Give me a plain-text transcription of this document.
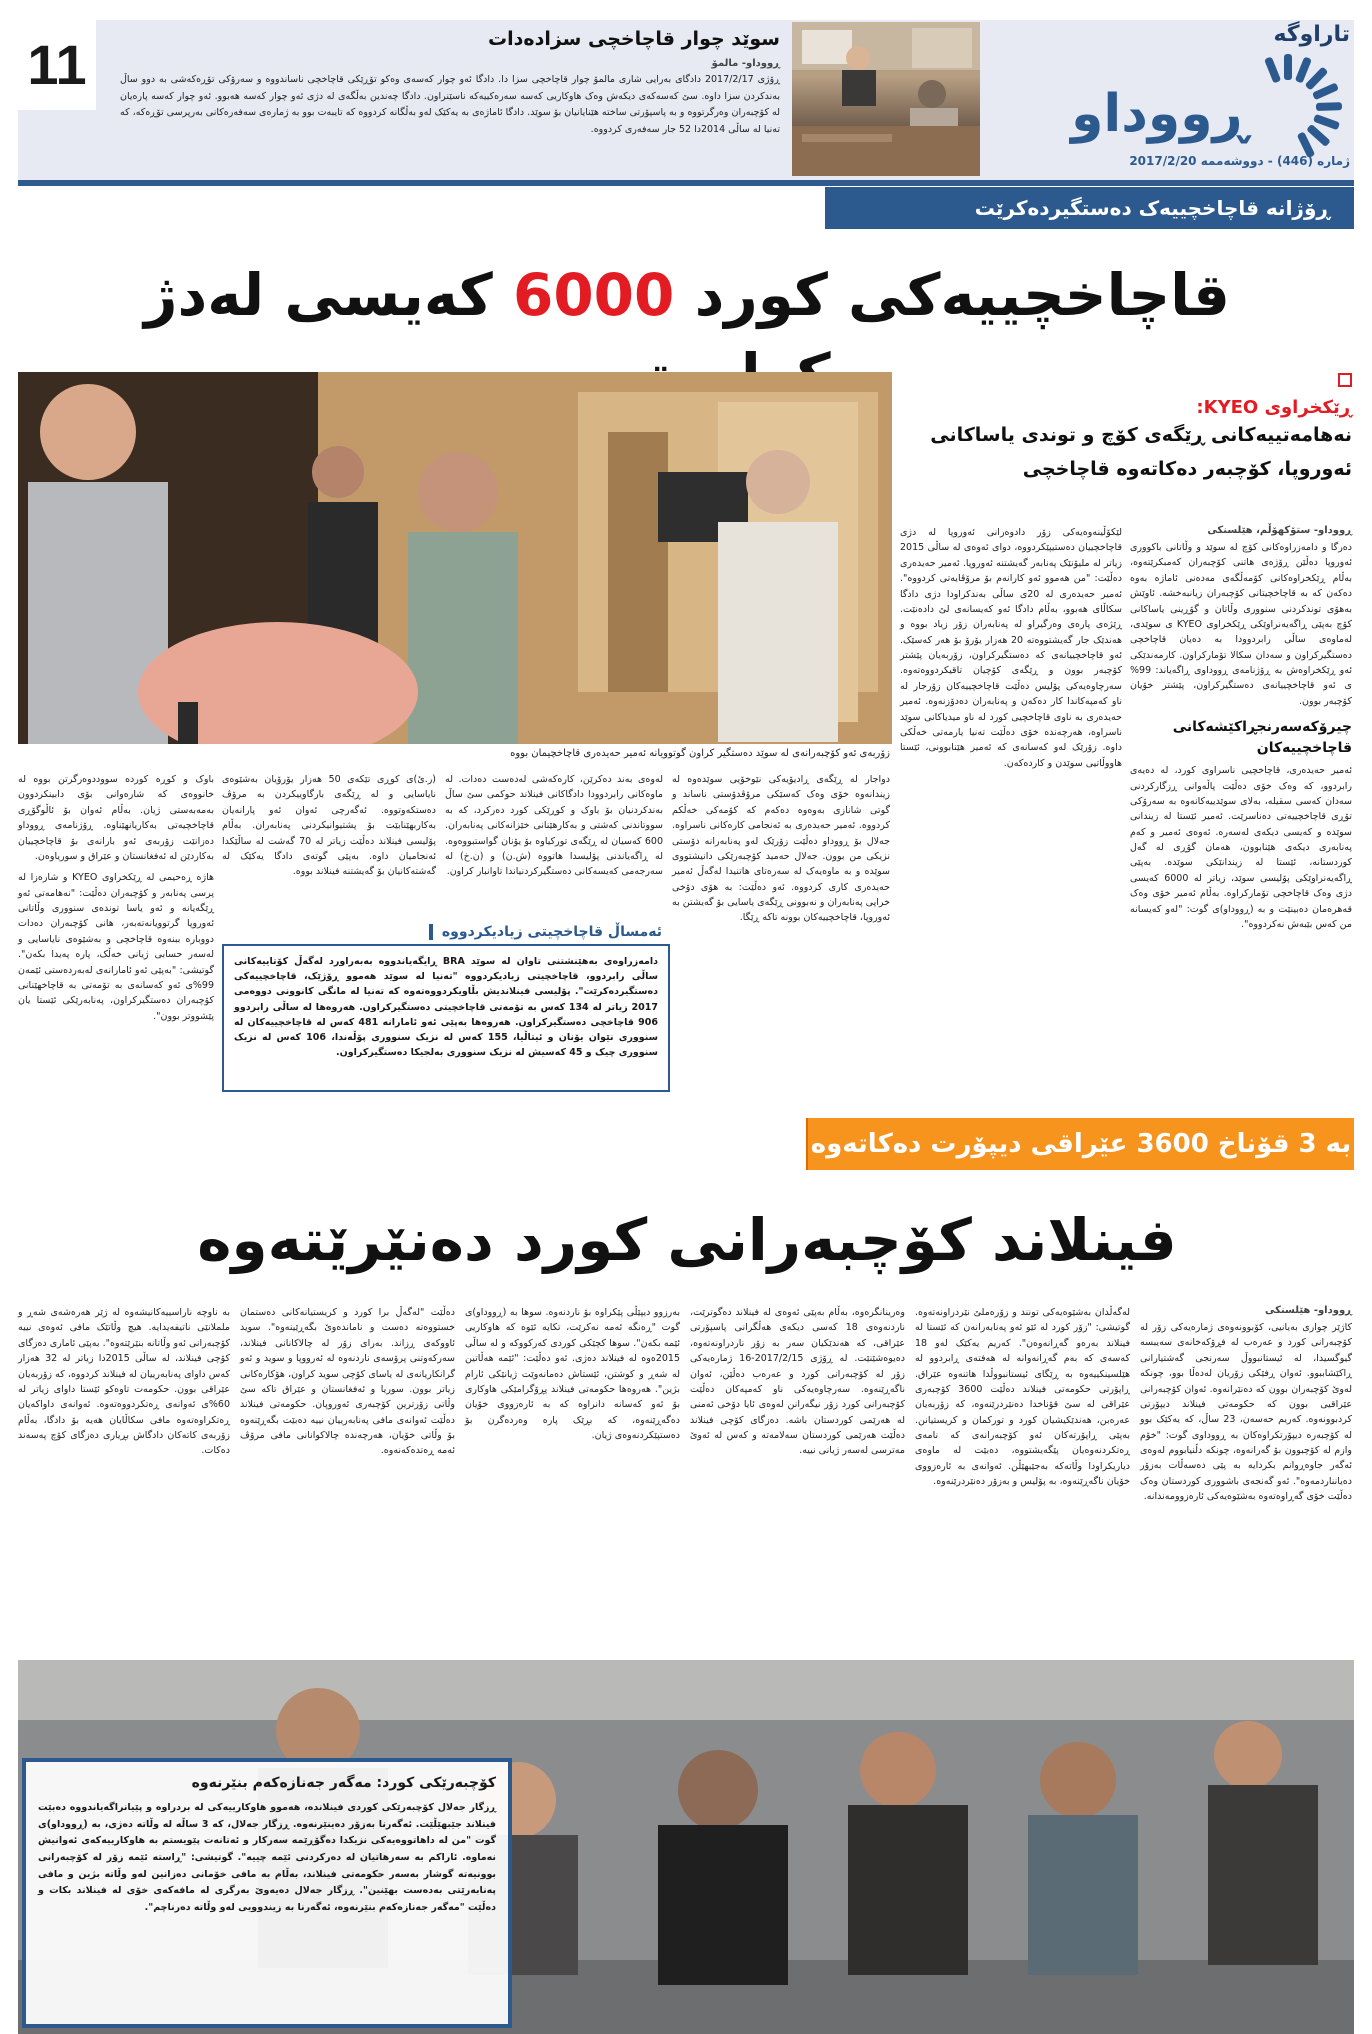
11	سوێد چوار قاچاخچی سزادەدات
ڕووداو- مالمۆ
ڕۆژی 2017/2/17 دادگای بەرایی شاری مالمۆ چوار قاچاخچی سزا دا. دادگا ئەو چوار کەسەی وەکو تۆڕێکی قاچاخچی ناساندووە و سەرۆکی تۆڕەکەشی بە دوو ساڵ بەندکردن سزا داوە. سێ کەسەکەی دیکەش وەک هاوکاریی کەسە سەرەکییەکە ناسێنراون. دادگا چەندین بەڵگەی لە دژی ئەو چوار کەسە هەبوو. ئەو چوار کەسە پارەیان لە کۆچبەران وەرگرتووە و بە پاسپۆرتی ساختە هێنایانیان بۆ سوێد. دادگا ئاماژەی بە یەکێک لەو بەڵگانە کردووە کە تایبەت بوو بە ژمارەی سەفەرەکانی بەرپرسی تۆڕەکە، کە تەنیا لە ساڵی 2014دا 52 جار سەفەری کردووە.
تاراوگە
ڕووداو
ژمارە (446) - دووشەممە 2017/2/20
ڕۆژانە قاچاخچییەک دەستگیردەکرێت
قاچاخچییەکی کورد 6000 کەیسی لەدژ
زۆربەی ئەو کۆچبەرانەی لە سوێد دەستگیر کراون گوتوویانە ئەمیر حەیدەری قاچاخچیمان بووە
ڕێکخراوی KYEO:
نەهامەتییەکانی ڕێگەی کۆچ و توندی یاساکانی
ئەوروپا، کۆچبەر دەکاتەوە قاچاخچی
ڕووداو- ستۆکهۆڵم، هێلسنکی
دەرگا و دامەزراوەکانی کۆچ لە سوێد و وڵاتانی باکووری ئەوروپا دەڵێن ڕۆژەی هاتنی کۆچبەران کەمبکرێتەوە، بەڵام ڕێکخراوەکانی کۆمەڵگەی مەدەنی ئاماژە بەوە دەکەن کە بە قاچاخچیتانی کۆچبەران زیانبەخشە. ئاوێش بەهۆی توندکردنی سنووری وڵاتان و گۆڕینی یاساکانی کۆچ بەپێی ڕاگەیەنراوێکی ڕێکخراوی KYEO ی سوێدی، لەماوەی ساڵی رابردوودا بە دەیان قاچاخچی دەستگیرکراون و سەدان سکالا تۆمارکراون. کارمەندێکی ئەو ڕێکخراوەش بە ڕۆژنامەی ڕووداوی ڕاگەیاند: 99% ی ئەو قاچاخچییانەی دەستگیرکراون، پێشتر خۆیان کۆچبەر بوون.
چیرۆکەسەرنجڕاکێشەکانی قاچاخچییەکان
ئەمیر حەیدەری، قاچاخچیی ناسراوی کورد، لە دەیەی رابردوو، کە وەک خۆی دەڵێت پاڵەوانی ڕزگارکردنی سەدان کەسی سقیلە، بەلای سوێدییەکانەوە بە سەرۆکی تۆڕی قاچاخچییەتی دەناسرێت. ئەمیر ئێستا لە زیندانی سوێدە و کەیسی دیکەی لەسەرە. ئەوەی ئەمیر و کەم پەنابەری دیکەی هێنابوون، هەمان گۆڕی لە گەل کوردستانە، ئێستا لە زیندانێکی سوێدە. بەپێی ڕاگەیەنراوێکی پۆلیسی سوێد، زیاتر لە 6000 کەیسی دژی وەک قاچاخچی تۆمارکراوە. بەڵام ئەمیر خۆی وەک قەهرەمان دەبینێت و بە (ڕووداو)ی گوت: "لەو کەیسانە من کەس بێبەش نەکردووە".
لێکۆڵینەوەیەکی زۆر دادوەرانی ئەوروپا لە دژی قاچاخچییان دەستیپێکردووە، دوای ئەوەی لە ساڵی 2015 زیاتر لە ملیۆنێک پەنابەر گەیشتنە ئەوروپا. ئەمیر حەیدەری دەڵێت: "من هەموو ئەو کارانەم بۆ مرۆڤایەتی کردووە". ئەمیر حەیدەری لە 20ی ساڵی بەندکراودا دژی دادگا سکاڵای هەبوو، بەڵام دادگا ئەو کەیسانەی لێ دادەنێت. ڕێژەی پارەی وەرگیراو لە پەنابەران زۆر زیاد بووە و هەندێک جار گەیشتووەتە 20 هەزار یۆرۆ بۆ هەر کەسێک. ئەو قاچاخچییانەی کە دەستگیرکراون، زۆربەیان پێشتر کۆچبەر بوون و ڕێگەی کۆچیان تاقیکردووەتەوە. سەرچاوەیەکی پۆلیس دەڵێت قاچاخچییەکان زۆرجار لە ناو کەمپەکاندا کار دەکەن و پەنابەران دەدۆزنەوە. ئەمیر حەیدەری بە ناوی قاچاخچیی کورد لە ناو میدیاکانی سوێد ناسراوە، هەرچەندە خۆی دەڵێت تەنیا یارمەتی خەڵکی داوە. زۆرێک لەو کەسانەی کە ئەمیر هێنابوونی، ئێستا هاووڵاتیی سوێدن و کاردەکەن.
دواجار لە ڕێگەی ڕادیۆیەکی نێوخۆیی سوێدەوە لە زیندانەوە خۆی وەک کەسێکی مرۆڤدۆستی ناساند و گوتی شانازی بەوەوە دەکەم کە کۆمەکی خەڵکم کردووە. ئەمیر حەیدەری بە ئەنجامی کارەکانی ناسراوە. جەلال بۆ ڕووداو دەڵێت زۆرێک لەو پەنابەرانە دۆستی نزیکی من بوون. جەلال حەمید کۆچبەرێکی دانیشتووی سوێدە و بە ماوەیەک لە سەرەتای هاتنیدا لەگەڵ ئەمیر حەیدەری کاری کردووە. ئەو دەڵێت: بە هۆی دۆخی خراپی پەنابەران و نەبوونی ڕێگەی یاسایی بۆ گەیشتن بە ئەوروپا، قاچاخچییەکان بوونە تاکە ڕێگا.
لەوەی بەند دەکرێن، کارەکەشی لەدەست دەدات. لە ماوەکانی رابردوودا دادگاکانی فینلاند حوکمی سێ ساڵ بەندکردنیان بۆ باوک و کوڕێکی کورد دەرکرد، کە بە سووتاندنی کەشتی و بەکارهێنانی خێزانەکانی پەنابەران. 600 کەسیان لە ڕێگەی تورکیاوە بۆ یۆنان گواستبووەوە. لە ڕاگەیاندنی پۆلیسدا هاتووە (ش.ن) و (ن.خ) لە سەرجەمی کەیسەکانی دەستگیرکردنیاندا تاوانبار کراون.
(ر.ئ)ی کوڕی تێکەی 50 هەزار یۆرۆیان بەشێوەی نایاسایی و لە ڕێگەی بارگاوییکردن بە مرۆڤ دەستکەوتووە. ئەگەرچی ئەوان ئەو پارانەیان بەکاربهێنابێت بۆ پشتیوانیکردنی پەنابەران. بەڵام پۆلیسی فینلاند دەڵێت زیاتر لە 70 گەشت لە ساڵێکدا ئەنجامیان داوە. بەپێی گوتەی دادگا یەکێک لە گەشتەکانیان بۆ گەیشتنە فینلاند بووە.
باوک و کوڕە کوردە سووددوەرگرتن بووە لە خانووەی کە شارەوانی بۆی دابینکردوون بەمەبەستی ژیان. بەڵام ئەوان بۆ ئاڵوگۆڕی قاچاخچیەتی بەکاریانهێناوە. ڕۆژنامەی ڕووداو دەزانێت زۆربەی ئەو بارانەی بۆ قاچاخچییان بەکاردێن لە ئەفغانستان و عێراق و سوریاوەن.
هاژە ڕەحیمی لە ڕێکخراوی KYEO و شارەزا لە پرسی پەنابەر و کۆچبەران دەڵێت: "نەهامەتی ئەو ڕێگەیانە و ئەو یاسا توندەی سنووری وڵاتانی ئەوروپا گرتوویانەتەبەر، هانی کۆچبەران دەدات دووبارە ببنەوە قاچاخچی و بەشێوەی نایاسایی و لەسەر حسابی ژیانی خەڵک، پارە پەیدا بکەن". گوتیشی: "بەپێی ئەو ئامارانەی لەبەردەستی ئێمەن 99%ی ئەو کەسانەی بە تۆمەتی بە قاچاخهێنانی کۆچبەران دەستگیرکراون، پەنابەرێکی ئێستا یان پێشووتر بوون".
ئەمساڵ قاچاخچیتی زیادیکردووە
دامەزراوەی بەهێنشتنی تاوان لە سوێد BRA ڕایگەیاندووە بەبەراورد لەگەڵ کۆتاییەکانی ساڵی رابردوو، قاچاخچیتی زیادیکردووە "تەنیا لە سوێد هەموو ڕۆژێک، قاچاخچییەکی دەستگیردەکرێت". پۆلیسی فینلاندیش بڵاویکردووەتەوە کە تەنیا لە مانگی کانوونی دووەمی 2017 زیاتر لە 134 کەس بە تۆمەتی قاچاخچیتی دەستگیرکراون. هەروەها لە ساڵی رابردوو 906 قاچاخچی دەستگیرکراون. هەروەها بەپێی ئەو ئامارانە 481 کەس لە قاچاخچییەکان لە سنووری نێوان یۆنان و ئیتاڵیا، 155 کەس لە نزیک سنووری پۆڵەندا، 106 کەس لە نزیک سنووری چیک و 45 کەسیش لە نزیک سنووری بەلجیکا دەستگیرکراون.
بە 3 قۆناخ 3600 عێراقی دیپۆرت دەکاتەوە
فینلاند کۆچبەرانی کورد دەنێرێتەوە
ڕووداو- هێلسنکی
کاژێر چواری بەیانیی، کۆبوونەوەی ژمارەیەکی زۆر لە کۆچبەرانی کورد و عەرەب لە فڕۆکەخانەی سەیبسە گیوگسیدا، لە ئیستانبووڵ سەرنجی گەشتیارانی ڕاکێشاببوو. ئەوان ڕفێکی زۆریان لەدەڵا بوو، چونکە لەوێ کۆچبەران بوون کە دەنێرانەوە. ئەوان کۆچبەرانی عێراقیی بوون کە حکومەتی فینلاند دیپۆرتی کردبوونەوە. کەریم حەسەن، 23 ساڵ، کە یەکێک بوو لە کۆچبەرە دیپۆرتکراوەکان بە ڕووداوی گوت: "خۆم وازم لە کۆچبوون بۆ گەرانەوە، چونکە دڵنیابووم لەوەی ئەگەر جاوەڕوانم بکردایە بە پێی دەسەڵات بەزۆر دەیانناردمەوە". ئەو گەنجەی باشووری کوردستان وەک دەڵێت خۆی گەڕاوەتەوە بەشێوەیەکی ئارەزوومەندانە.
لەگەڵدان بەشێوەیەکی تونند و زۆرەملێ نێردراونەتەوە. گوتیشی: "زۆر کورد لە ئێو ئەو پەنابەرانەن کە ئێستا لە فینلاند بەرەو گەڕانەوەن". کەریم یەکێک لەو 18 کەسەی کە بەم گەڕانەوانە لە هەفتەی ڕابردوو لە هێلسینکییەوە بە ڕێگای ئیستانبووڵدا هاتنەوە عێراق. ڕاپۆرتی حکومەتی فینلاند دەڵێت 3600 کۆچبەری عێراقی لە سێ قۆناخدا دەنێردرێنەوە، کە زۆربەیان عەرەبن، هەندێکیشیان کورد و تورکمان و کریستیانن. بەپێی ڕاپۆرتەکان ئەو کۆچبەرانەی کە نامەی ڕەتکردنەوەیان پێگەیشتووە، دەبێت لە ماوەی دیاریکراودا وڵاتەکە بەجێبهێڵن. ئەوانەی بە ئارەزووی خۆیان ناگەڕێنەوە، بە پۆلیس و بەزۆر دەنێردرێنەوە.
وەرینانگرەوە، بەڵام بەپێی ئەوەی لە فینلاند دەگوترێت، ناردنەوەی 18 کەسی دیکەی هەڵگرانی پاسپۆرتی عێراقی، کە هەندێکیان سەر بە زۆر ناردراونەتەوە، دەیوەشێنێت. لە ڕۆژی 2017/2/15-16 ژمارەیەکی زۆر لە کۆچبەرانی کورد و عەرەب دەڵێن، ئەوان ناگەڕێنەوە. سەرچاوەیەکی ناو کەمپەکان دەڵێت کۆچبەرانی کورد زۆر نیگەرانن لەوەی ئایا دۆخی ئەمنی لە هەرێمی کوردستان باشە. دەزگای کۆچی فینلاند دەڵێت هەرێمی کوردستان سەلامەتە و کەس لە ئەوێ مەترسی لەسەر ژیانی نییە.
بەرزوو دیپێڵی پێکراوە بۆ ناردنەوە. سوها بە (ڕووداو)ی گوت "ڕەنگە ئەمە نەکرێت، تکایە ئێوە کە هاوکاریی ئێمە بکەن". سوها کچێکی کوردی کەرکووکە و لە ساڵی 2015ەوە لە فینلاند دەژی. ئەو دەڵێت: "ئێمە هەڵاتین لە شەڕ و کوشتن، ئێستاش دەمانەوێت ژیانێکی ئارام بژین". هەروەها حکومەتی فینلاند پڕۆگرامێکی هاوکاری بۆ ئەو کەسانە دانراوە کە بە ئارەزووی خۆیان دەگەڕێنەوە، کە بڕێک پارە وەردەگرن بۆ دەستپێکردنەوەی ژیان.
دەڵێت "لەگەڵ برا کورد و کریستیانەکانی دەستمان خستووەتە دەست و ناماندەوێ بگەڕێینەوە". سوید ئاووکەی ڕزاند. بەرای زۆر لە چالاکانانی فینلاند، سەرکەوتنی پرۆسەی ناردنەوە لە ئەرووپا و سوید و ئەو گرانکاریانەی لە یاسای کۆچی سوید کراون، هۆکارەکانی زیاتر بوون. سوریا و ئەفغانستان و عێراق تاکە سێ وڵاتی زۆرترین کۆچبەری ئەوروپان. حکومەتی فینلاند دەڵێت ئەوانەی مافی پەنابەرییان نییە دەبێت بگەڕێنەوە بۆ وڵاتی خۆیان، هەرچەندە چالاکوانانی مافی مرۆڤ ئەمە ڕەتدەکەنەوە.
بە ناوچە ناراسییەکانیشەوە لە ژێر هەرەشەی شەڕ و ململانێی ناتیفەیدایە. هیچ وڵاتێک مافی ئەوەی نییە کۆچبەرانی ئەو وڵاتانە بنێرێتەوە". بەپێی ئاماری دەزگای کۆچی فینلاند، لە ساڵی 2015دا زیاتر لە 32 هەزار کەس داوای پەنابەرییان لە فینلاند کردووە، کە زۆربەیان عێراقی بوون. حکومەت تاوەکو ئێستا داوای زیاتر لە 60%ی ئەوانەی ڕەتکردووەتەوە. ئەوانەی داواکەیان ڕەتکراوەتەوە مافی سکاڵایان هەیە بۆ دادگا، بەڵام زۆربەی کاتەکان دادگاش بڕیاری دەزگای کۆچ پەسەند دەکات.
کۆچبەرێکی کورد: مەگەر جەنازەکەم بنێرنەوە
ڕزگار جەلال کۆچبەرێکی کوردی فینلاندە، هەموو هاوکارییەکی لە بردراوە و پێیانراگەیاندووە دەبێت فینلاند جێبهێڵێت. ئەگەرنا بەزۆر دەینێرنەوە. ڕزگار جەلال، کە 3 ساڵە لە وڵاتە دەژی، بە (ڕووداو)ی گوت "من لە داهاتووەیەکی نزیکدا دەگۆڕێمە سەرکار و ئەتانەت پێویستم بە هاوکارییەکەی ئەوانیش نەماوە. ئاراکم بە سەرهاتیان لە دەرکردنی ئێمە چییە". گوتیشی: "ڕاستە ئێمە زۆر لە کۆچبەرانی بوونیەتە گوشار بەسەر حکومەتی فینلاند، بەڵام بە مافی خۆمانی دەزانین لەو وڵاتە بژین و مافی پەنابەرێتی بەدەست بهێنین". ڕزگار جەلال دەیەوێ بەرگری لە مافەکەی خۆی لە فینلاند بکات و دەڵێت "مەگەر جەنازەکەم بنێرنەوە، ئەگەرنا بە زیندوویی لەو وڵاتە دەرناچم".
